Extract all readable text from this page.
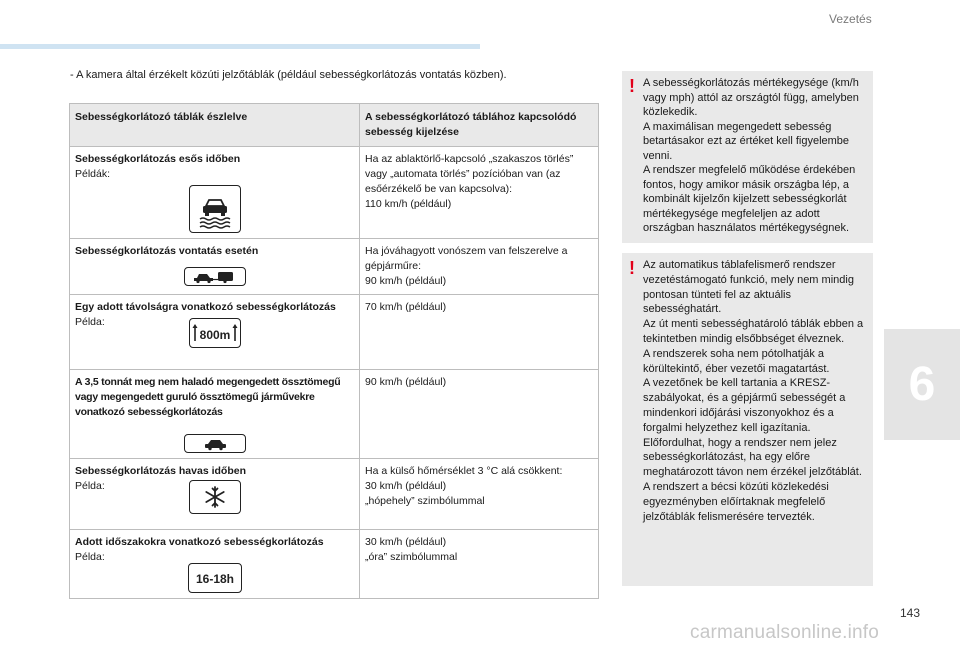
Vezetés
6
- A kamera által érzékelt közúti jelzőtáblák (például sebességkorlátozás vontatás közben).
Sebességkorlátozó táblák észlelve	A sebességkorlátozó táblához kapcsolódó sebesség kijelzése

Sebességkorlátozás esős időben
Példák:	Ha az ablaktörlő-kapcsoló „szakaszos törlés” vagy „automata törlés” pozícióban van (az esőérzékelő be van kapcsolva):
110 km/h (például)

Sebességkorlátozás vontatás esetén	Ha jóváhagyott vonószem van felszerelve a gépjárműre:
90 km/h (például)

Egy adott távolságra vonatkozó sebességkorlátozás
Példa:
800m	70 km/h (például)

A 3,5 tonnát meg nem haladó megengedett össztömegű vagy megengedett guruló össztömegű járművekre vonatkozó sebességkorlátozás	90 km/h (például)

Sebességkorlátozás havas időben
Példa:	Ha a külső hőmérséklet 3 °C alá csökkent:
30 km/h (például)
„hópehely” szimbólummal

Adott időszakokra vonatkozó sebességkorlátozás
Példa:
16-18h	30 km/h (például)
„óra” szimbólummal
! A sebességkorlátozás mértékegysége (km/h vagy mph) attól az országtól függ, amelyben közlekedik.

A maximálisan megengedett sebesség betartásakor ezt az értéket kell figyelembe venni.

A rendszer megfelelő működése érdekében fontos, hogy amikor másik országba lép, a kombinált kijelzőn kijelzett sebességkorlát mértékegysége megfeleljen az adott országban használatos mértékegységnek.

! Az automatikus táblafelismerő rendszer vezetéstámogató funkció, mely nem mindig pontosan tünteti fel az aktuális sebességhatárt.

Az út menti sebességhatároló táblák ebben a tekintetben mindig elsőbbséget élveznek.

A rendszerek soha nem pótolhatják a körültekintő, éber vezetői magatartást.

A vezetőnek be kell tartania a KRESZ-szabályokat, és a gépjármű sebességét a mindenkori időjárási viszonyokhoz és a forgalmi helyzethez kell igazítania.

Előfordulhat, hogy a rendszer nem jelez sebességkorlátozást, ha egy előre meghatározott távon nem érzékel jelzőtáblát.

A rendszert a bécsi közúti közlekedési egyezményben előírtaknak megfelelő jelzőtáblák felismerésére tervezték.

143
carmanualsonline.info
